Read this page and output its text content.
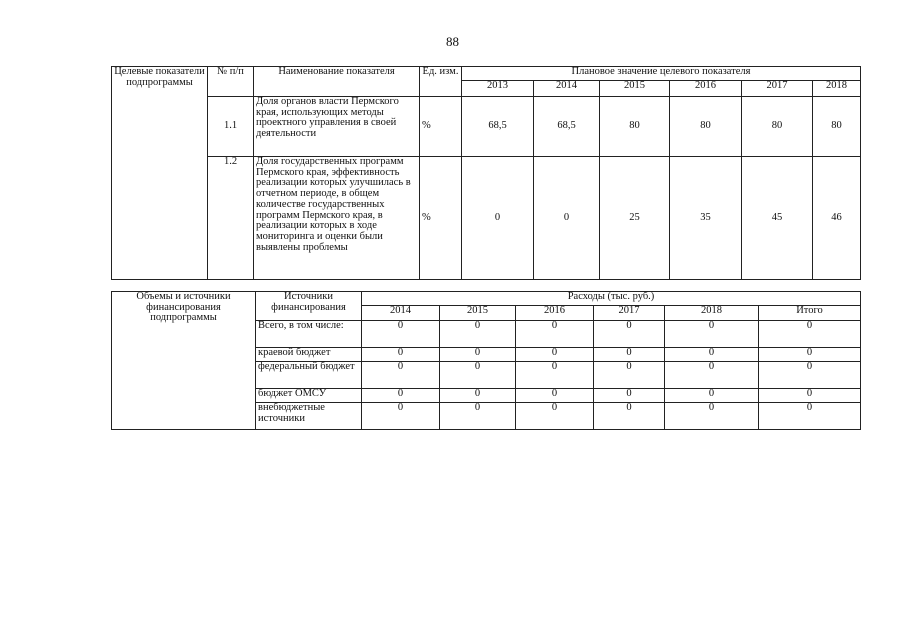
88
Целевые показатели подпрограммы	№ п/п	Наименование показателя	Ед. изм.	Плановое значение целевого показателя					
				2013	2014	2015	2016	2017	2018
	1.1	Доля органов власти Пермского края, использующих методы проектного управления в своей деятельности	%	68,5	68,5	80	80	80	80
	1.2	Доля государственных программ Пермского края, эффективность реализации которых улучшилась в отчетном периоде, в общем количестве государственных программ Пермского края, в реализации которых в ходе мониторинга и оценки были выявлены проблемы	%	0	0	25	35	45	46
Объемы и источники финансирования подпрограммы	Источники финансирования	Расходы (тыс. руб.)					
		2014	2015	2016	2017	2018	Итого
	Всего, в том числе:	0	0	0	0	0	0
	краевой бюджет	0	0	0	0	0	0
	федеральный бюджет	0	0	0	0	0	0
	бюджет ОМСУ	0	0	0	0	0	0
	внебюджетные источники	0	0	0	0	0	0
